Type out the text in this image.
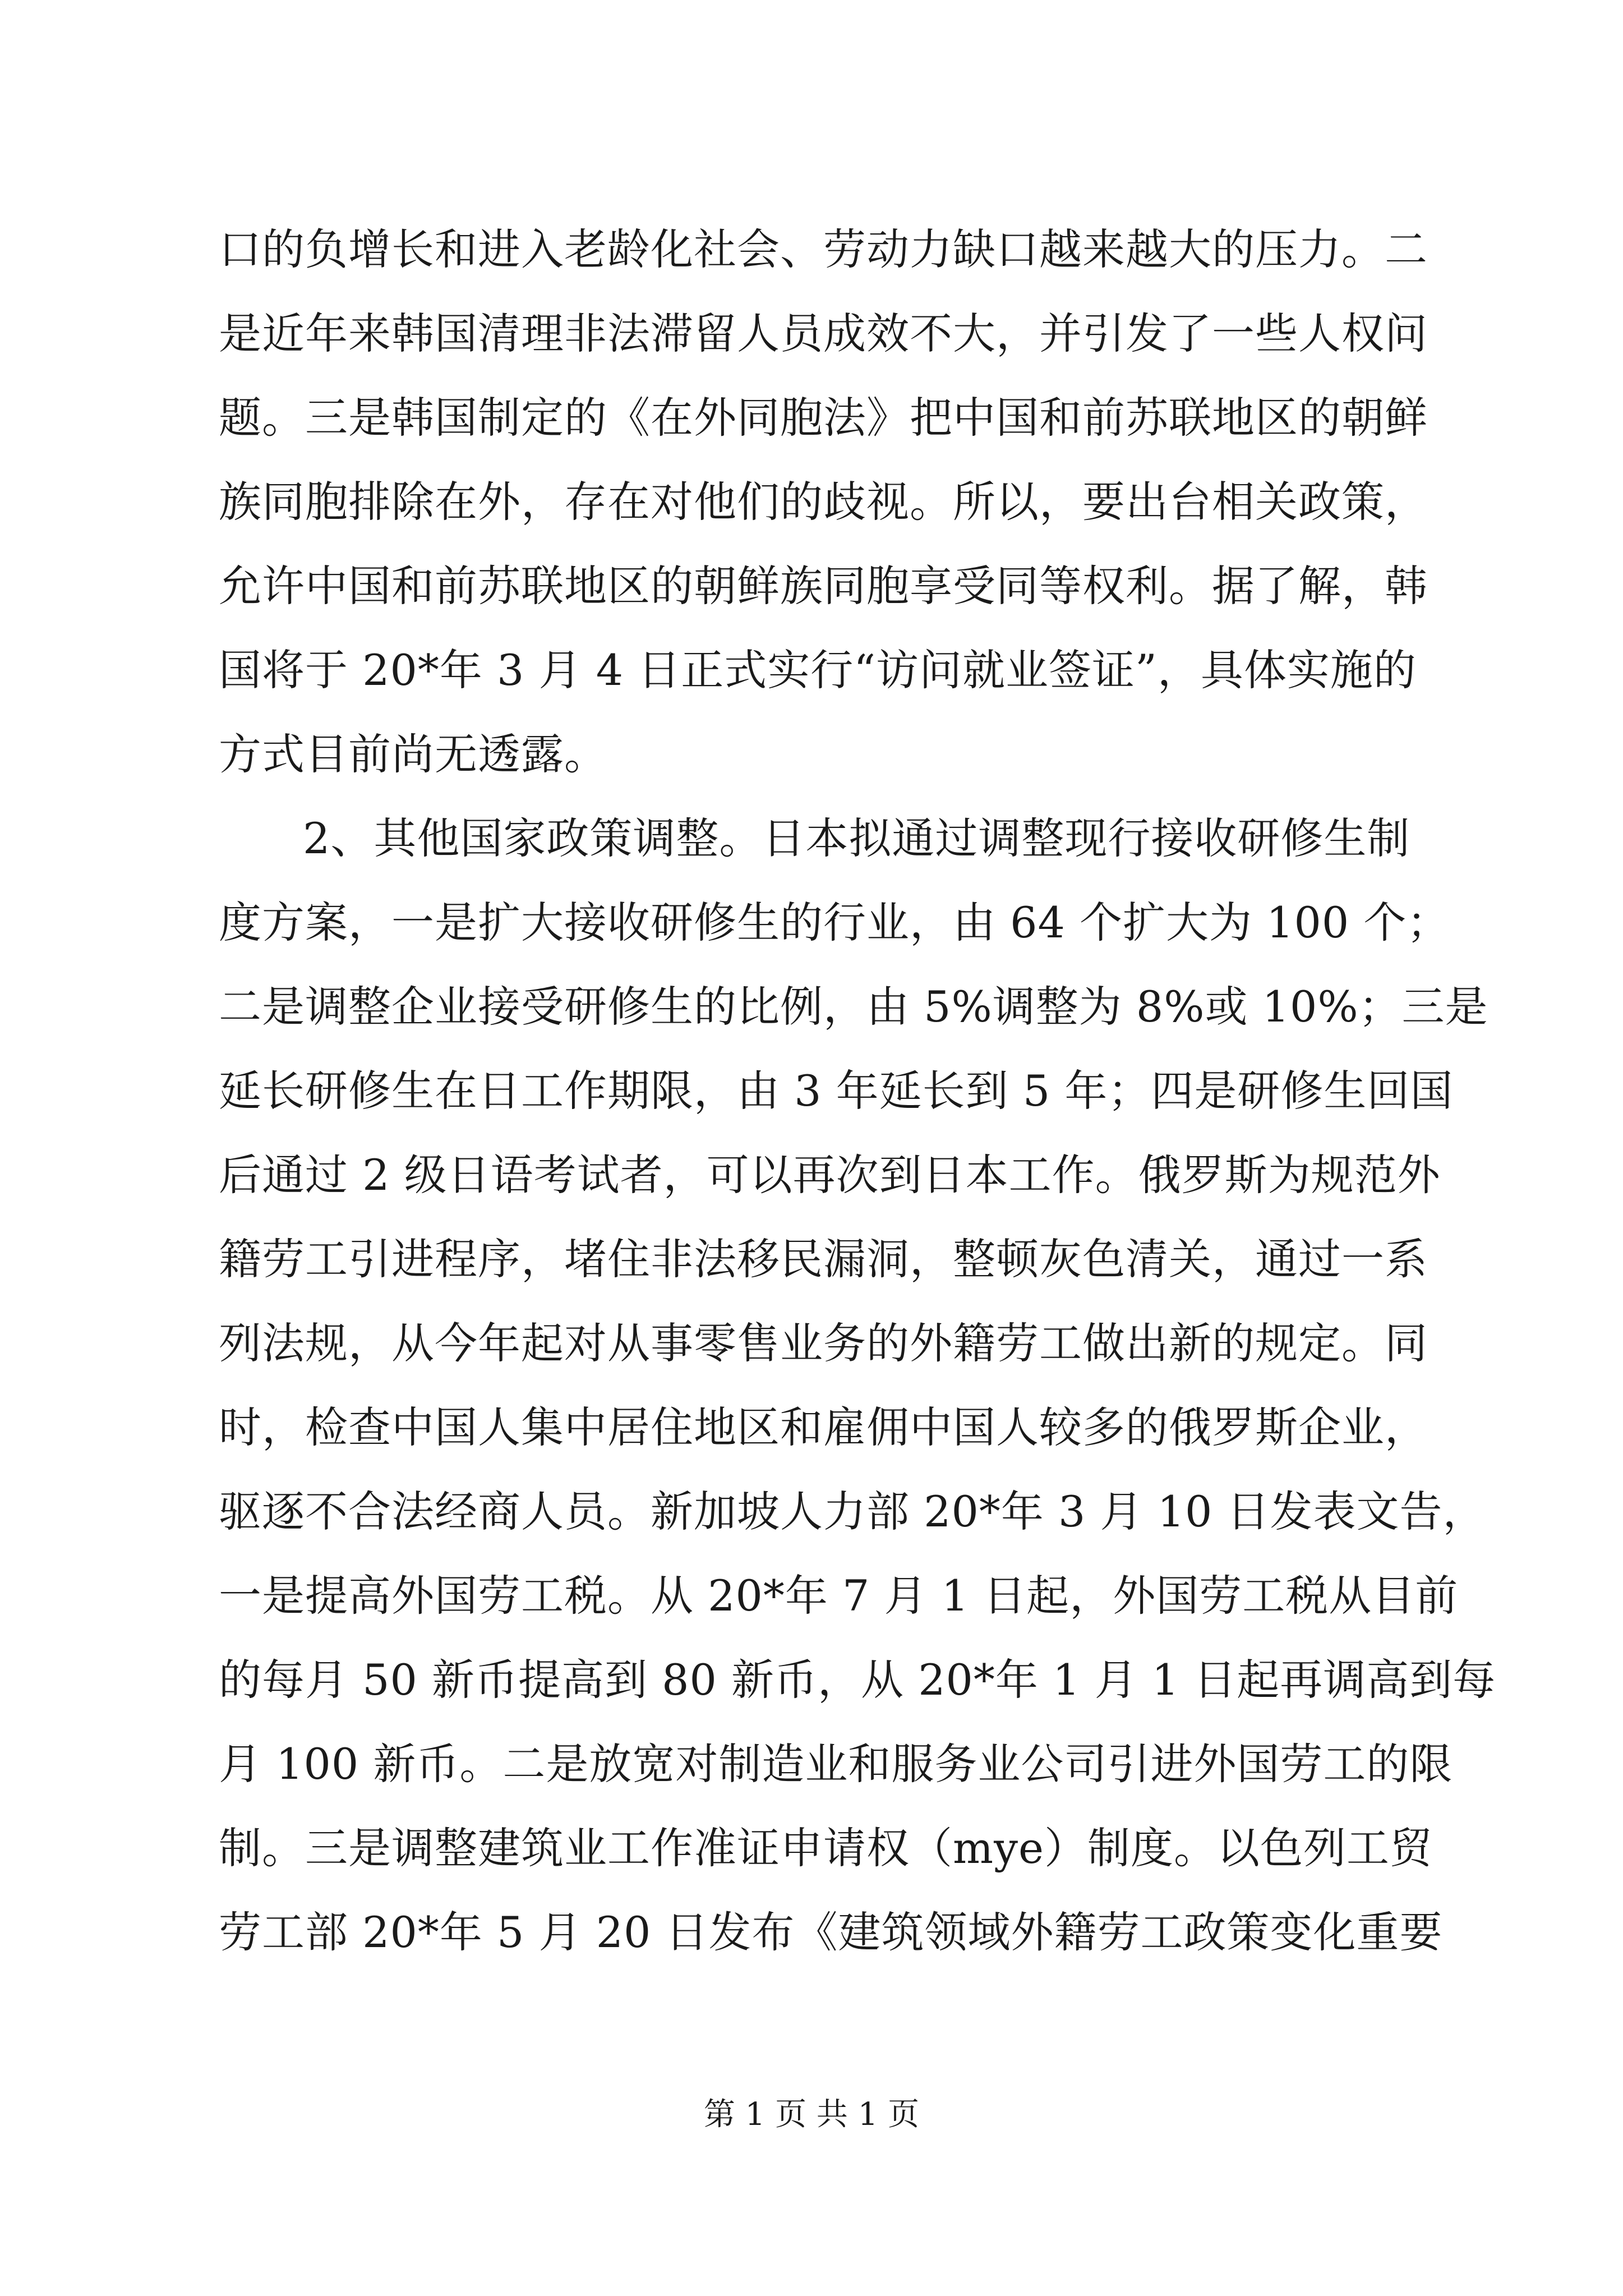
口的负增长和进入老龄化社会、劳动力缺口越来越大的压力。二
是近年来韩国清理非法滞留人员成效不大，并引发了一些人权问
题。三是韩国制定的《在外同胞法》把中国和前苏联地区的朝鲜
族同胞排除在外，存在对他们的歧视。所以，要出台相关政策，
允许中国和前苏联地区的朝鲜族同胞享受同等权利。据了解，韩
国将于 20*年 3 月 4 日正式实行“访问就业签证”，具体实施的
方式目前尚无透露。
2、其他国家政策调整。日本拟通过调整现行接收研修生制
度方案，一是扩大接收研修生的行业，由 64 个扩大为 100 个；
二是调整企业接受研修生的比例，由 5%调整为 8%或 10%；三是
延长研修生在日工作期限，由 3 年延长到 5 年；四是研修生回国
后通过 2 级日语考试者，可以再次到日本工作。俄罗斯为规范外
籍劳工引进程序，堵住非法移民漏洞，整顿灰色清关，通过一系
列法规，从今年起对从事零售业务的外籍劳工做出新的规定。同
时，检查中国人集中居住地区和雇佣中国人较多的俄罗斯企业，
驱逐不合法经商人员。新加坡人力部 20*年 3 月 10 日发表文告，
一是提高外国劳工税。从 20*年 7 月 1 日起，外国劳工税从目前
的每月 50 新币提高到 80 新币，从 20*年 1 月 1 日起再调高到每
月 100 新币。二是放宽对制造业和服务业公司引进外国劳工的限
制。三是调整建筑业工作准证申请权（mye）制度。以色列工贸
劳工部 20*年 5 月 20 日发布《建筑领域外籍劳工政策变化重要
第 1 页 共 1 页
